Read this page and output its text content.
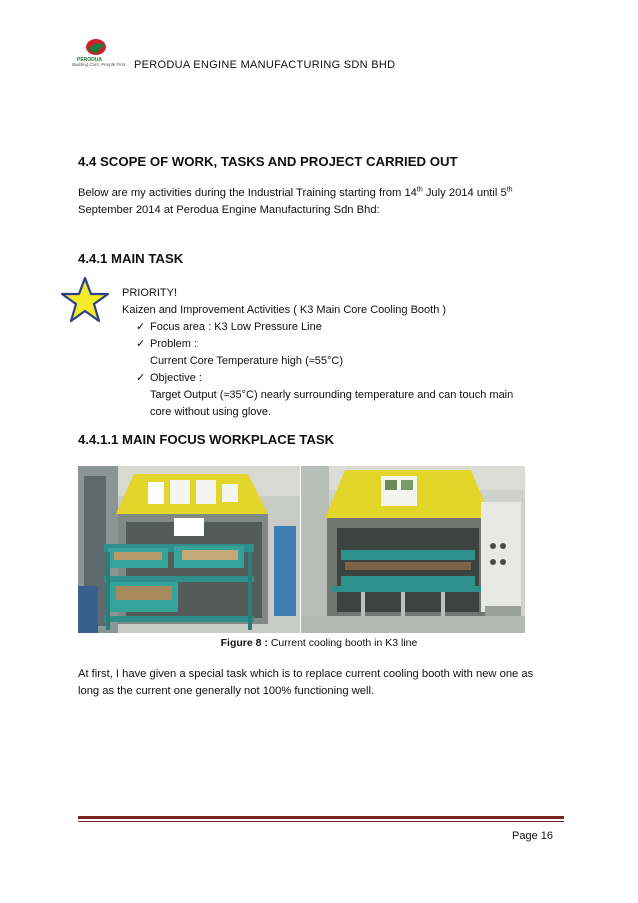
PERODUA
Building Cars. People First. PERODUA ENGINE MANUFACTURING SDN BHD
4.4 SCOPE OF WORK, TASKS AND PROJECT CARRIED OUT
Below are my activities during the Industrial Training starting from 14th July 2014 until 5th
September 2014 at Perodua Engine Manufacturing Sdn Bhd:
4.4.1 MAIN TASK
PRIORITY!
Kaizen and Improvement Activities ( K3 Main Core Cooling Booth )
✓ Focus area : K3 Low Pressure Line
✓ Problem :
Current Core Temperature high (≈55°C)
✓ Objective :
Target Output (≈35°C) nearly surrounding temperature and can touch main
core without using glove.
4.4.1.1 MAIN FOCUS WORKPLACE TASK
Figure 8 : Current cooling booth in K3 line
At first, I have given a special task which is to replace current cooling booth with new one as
long as the current one generally not 100% functioning well.
Page 16
